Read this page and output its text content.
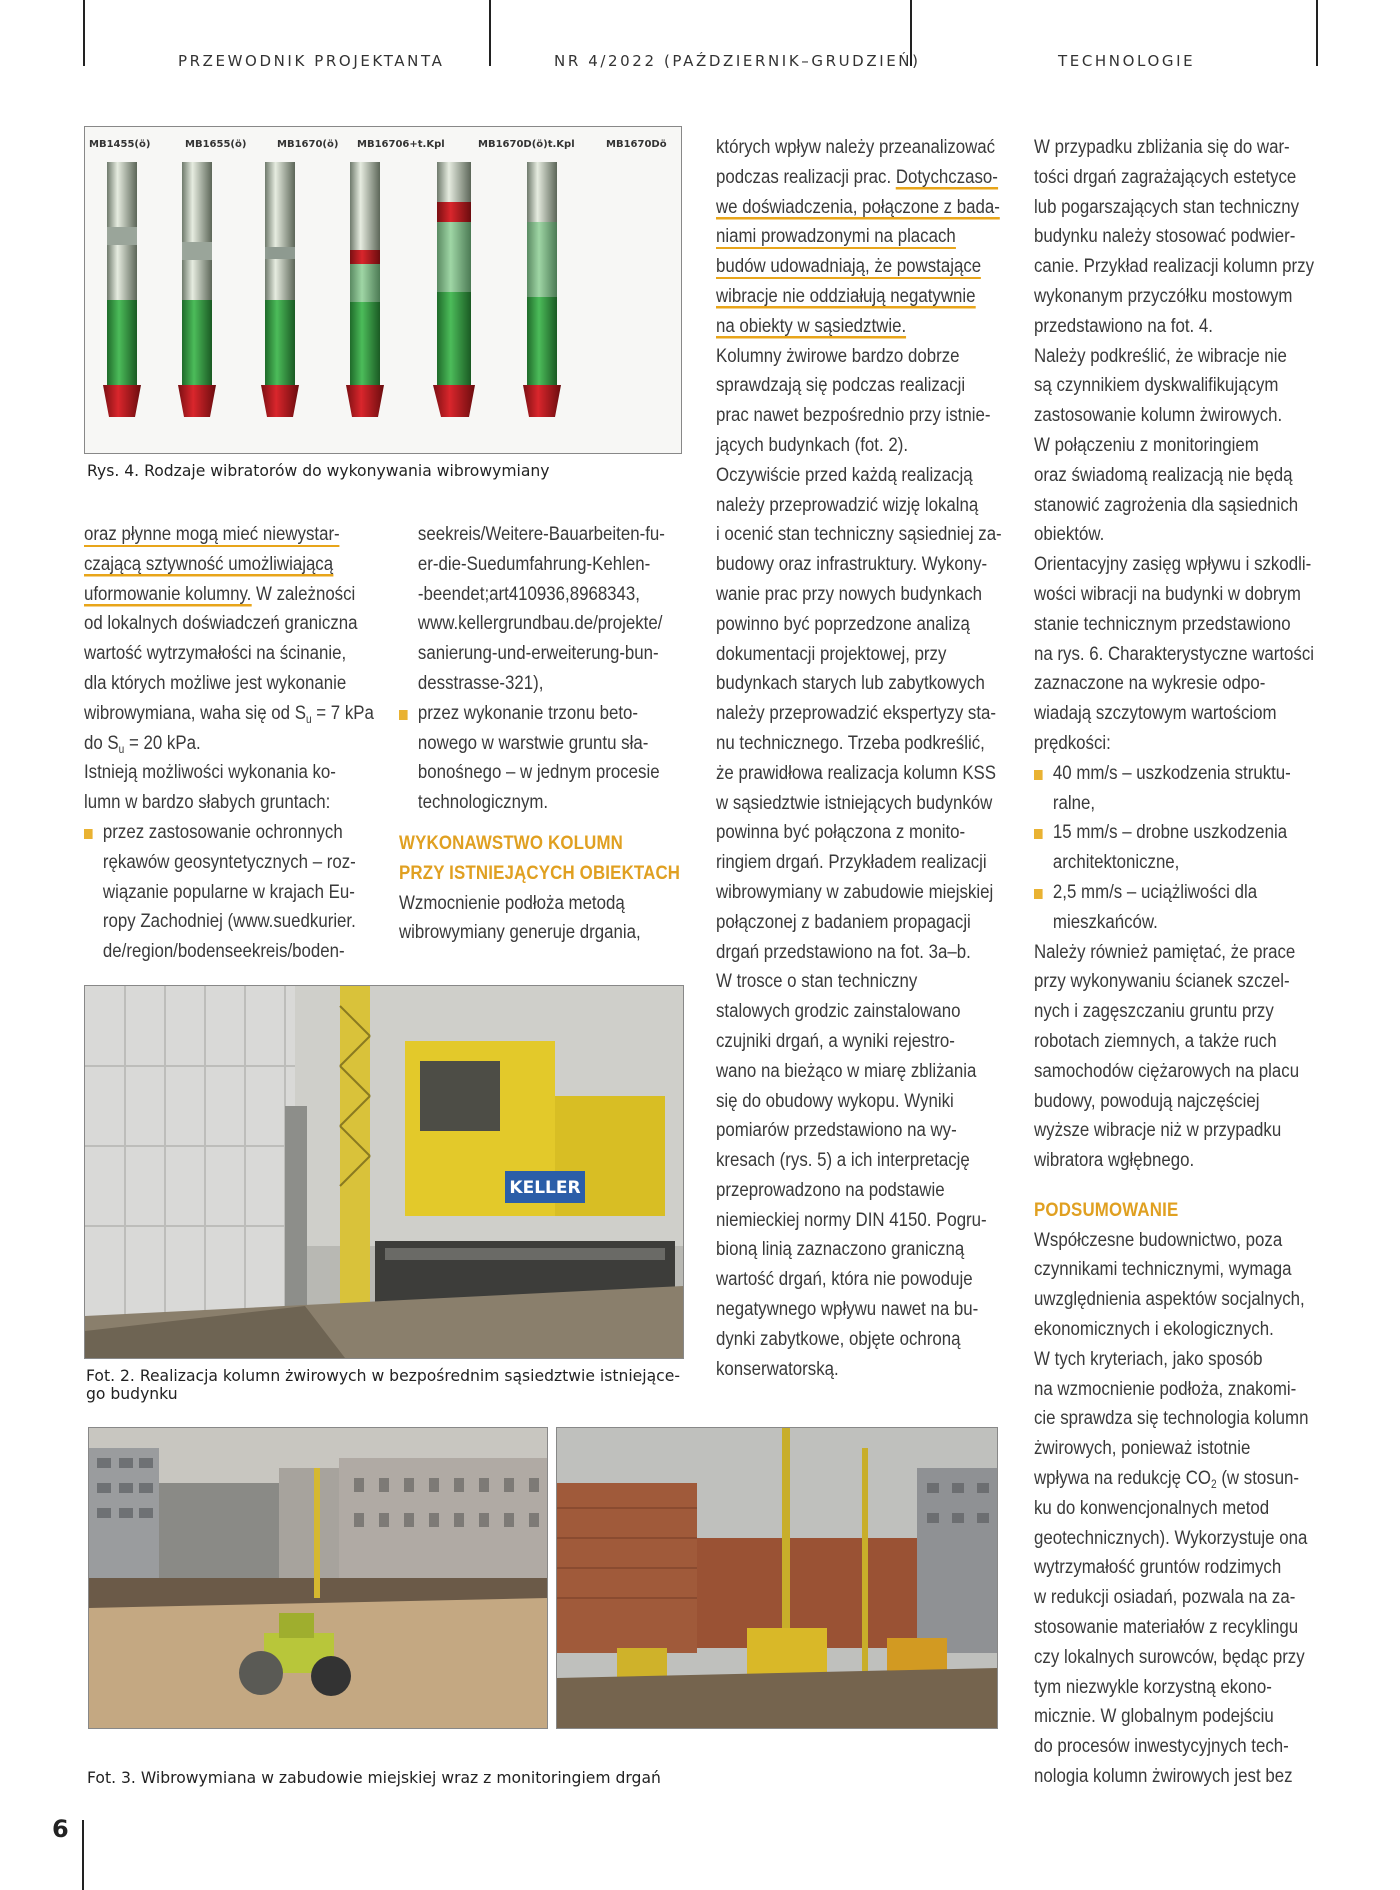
PRZEWODNIK PROJEKTANTA	NR 4/2022 (PAŹDZIERNIK–GRUDZIEŃ)	TECHNOLOGIE
MB1455(ö)	MB1655(ö)	MB1670(ö) MB16706+t.Kpl	MB1670D(ö)t.Kpl	MB1670Dö
Rys. 4. Rodzaje wibratorów do wykonywania wibrowymiany
oraz płynne mogą mieć niewystar-
czającą sztywność umożliwiającą
uformowanie kolumny. W zależności
od lokalnych doświadczeń graniczna
wartość wytrzymałości na ścinanie,
dla których możliwe jest wykonanie
wibrowymiana, waha się od $S_u = 7$ kPa
do $S_u = 20$ kPa.
Istnieją możliwości wykonania ko-
lumn w bardzo słabych gruntach:
przez zastosowanie ochronnych
rękawów geosyntetycznych – roz-
wiązanie popularne w krajach Eu-
ropy Zachodniej (www.suedkurier.
de/region/bodenseekreis/boden-
seekreis/Weitere-Bauarbeiten-fu-
er-die-Suedumfahrung-Kehlen-
-beendet;art410936,8968343,
www.kellergrundbau.de/projekte/
sanierung-und-erweiterung-bun-
desstrasse-321),
przez wykonanie trzonu beto-
nowego w warstwie gruntu sła-
bonośnego – w jednym procesie
technologicznym.
WYKONAWSTWO KOLUMN
PRZY ISTNIEJĄCYCH OBIEKTACH
Wzmocnienie podłoża metodą
wibrowymiany generuje drgania,
KELLER
Fot. 2. Realizacja kolumn żwirowych w bezpośrednim sąsiedztwie istniejące-
go budynku
Fot. 3. Wibrowymiana w zabudowie miejskiej wraz z monitoringiem drgań
których wpływ należy przeanalizować
podczas realizacji prac. Dotychczaso-
we doświadczenia, połączone z bada-
niami prowadzonymi na placach
budów udowadniają, że powstające
wibracje nie oddziałują negatywnie
na obiekty w sąsiedztwie.
Kolumny żwirowe bardzo dobrze
sprawdzają się podczas realizacji
prac nawet bezpośrednio przy istnie-
jących budynkach (fot. 2).
Oczywiście przed każdą realizacją
należy przeprowadzić wizję lokalną
i ocenić stan techniczny sąsiedniej za-
budowy oraz infrastruktury. Wykony-
wanie prac przy nowych budynkach
powinno być poprzedzone analizą
dokumentacji projektowej, przy
budynkach starych lub zabytkowych
należy przeprowadzić ekspertyzy sta-
nu technicznego. Trzeba podkreślić,
że prawidłowa realizacja kolumn KSS
w sąsiedztwie istniejących budynków
powinna być połączona z monito-
ringiem drgań. Przykładem realizacji
wibrowymiany w zabudowie miejskiej
połączonej z badaniem propagacji
drgań przedstawiono na fot. 3a–b.
W trosce o stan techniczny
stalowych grodzic zainstalowano
czujniki drgań, a wyniki rejestro-
wano na bieżąco w miarę zbliżania
się do obudowy wykopu. Wyniki
pomiarów przedstawiono na wy-
kresach (rys. 5) a ich interpretację
przeprowadzono na podstawie
niemieckiej normy DIN 4150. Pogru-
bioną linią zaznaczono graniczną
wartość drgań, która nie powoduje
negatywnego wpływu nawet na bu-
dynki zabytkowe, objęte ochroną
konserwatorską.
W przypadku zbliżania się do war-
tości drgań zagrażających estetyce
lub pogarszających stan techniczny
budynku należy stosować podwier-
canie. Przykład realizacji kolumn przy
wykonanym przyczółku mostowym
przedstawiono na fot. 4.
Należy podkreślić, że wibracje nie
są czynnikiem dyskwalifikującym
zastosowanie kolumn żwirowych.
W połączeniu z monitoringiem
oraz świadomą realizacją nie będą
stanowić zagrożenia dla sąsiednich
obiektów.
Orientacyjny zasięg wpływu i szkodli-
wości wibracji na budynki w dobrym
stanie technicznym przedstawiono
na rys. 6. Charakterystyczne wartości
zaznaczone na wykresie odpo-
wiadają szczytowym wartościom
prędkości:
40 mm/s – uszkodzenia struktu-
ralne,
15 mm/s – drobne uszkodzenia
architektoniczne,
2,5 mm/s – uciążliwości dla
mieszkańców.
Należy również pamiętać, że prace
przy wykonywaniu ścianek szczel-
nych i zagęszczaniu gruntu przy
robotach ziemnych, a także ruch
samochodów ciężarowych na placu
budowy, powodują najczęściej
wyższe wibracje niż w przypadku
wibratora wgłębnego.
PODSUMOWANIE
Współczesne budownictwo, poza
czynnikami technicznymi, wymaga
uwzględnienia aspektów socjalnych,
ekonomicznych i ekologicznych.
W tych kryteriach, jako sposób
na wzmocnienie podłoża, znakomi-
cie sprawdza się technologia kolumn
żwirowych, ponieważ istotnie
wpływa na redukcję $CO_2$ (w stosun-
ku do konwencjonalnych metod
geotechnicznych). Wykorzystuje ona
wytrzymałość gruntów rodzimych
w redukcji osiadań, pozwala na za-
stosowanie materiałów z recyklingu
czy lokalnych surowców, będąc przy
tym niezwykle korzystną ekono-
micznie. W globalnym podejściu
do procesów inwestycyjnych tech-
nologia kolumn żwirowych jest bez
6
